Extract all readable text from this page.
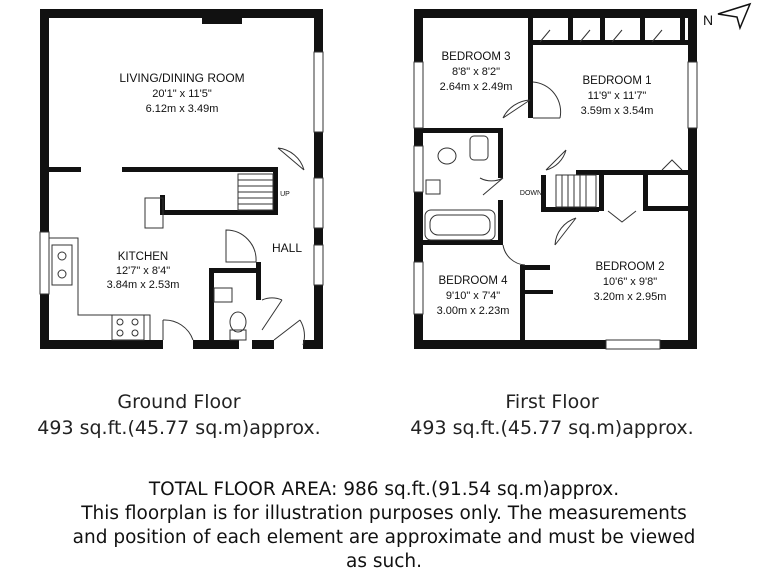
LIVING/DINING ROOM
20'1" x 11'5"
6.12m x 3.49m
KITCHEN
12'7" x 8'4"
3.84m x 2.53m
HALL
UP
BEDROOM 3
8'8" x 8'2"
2.64m x 2.49m	BEDROOM 1
11'9" x 11'7"
3.59m x 3.54m
BEDROOM 2
10'6" x 9'8"
3.20m x 2.95m
BEDROOM 4
9'10" x 7'4"
3.00m x 2.23m
DOWN
N
Ground Floor
493 sq.ft.(45.77 sq.m)approx.
First Floor
493 sq.ft.(45.77 sq.m)approx.
TOTAL FLOOR AREA: 986 sq.ft.(91.54 sq.m)approx.
This floorplan is for illustration purposes only. The measurements
and position of each element are approximate and must be viewed
as such.
